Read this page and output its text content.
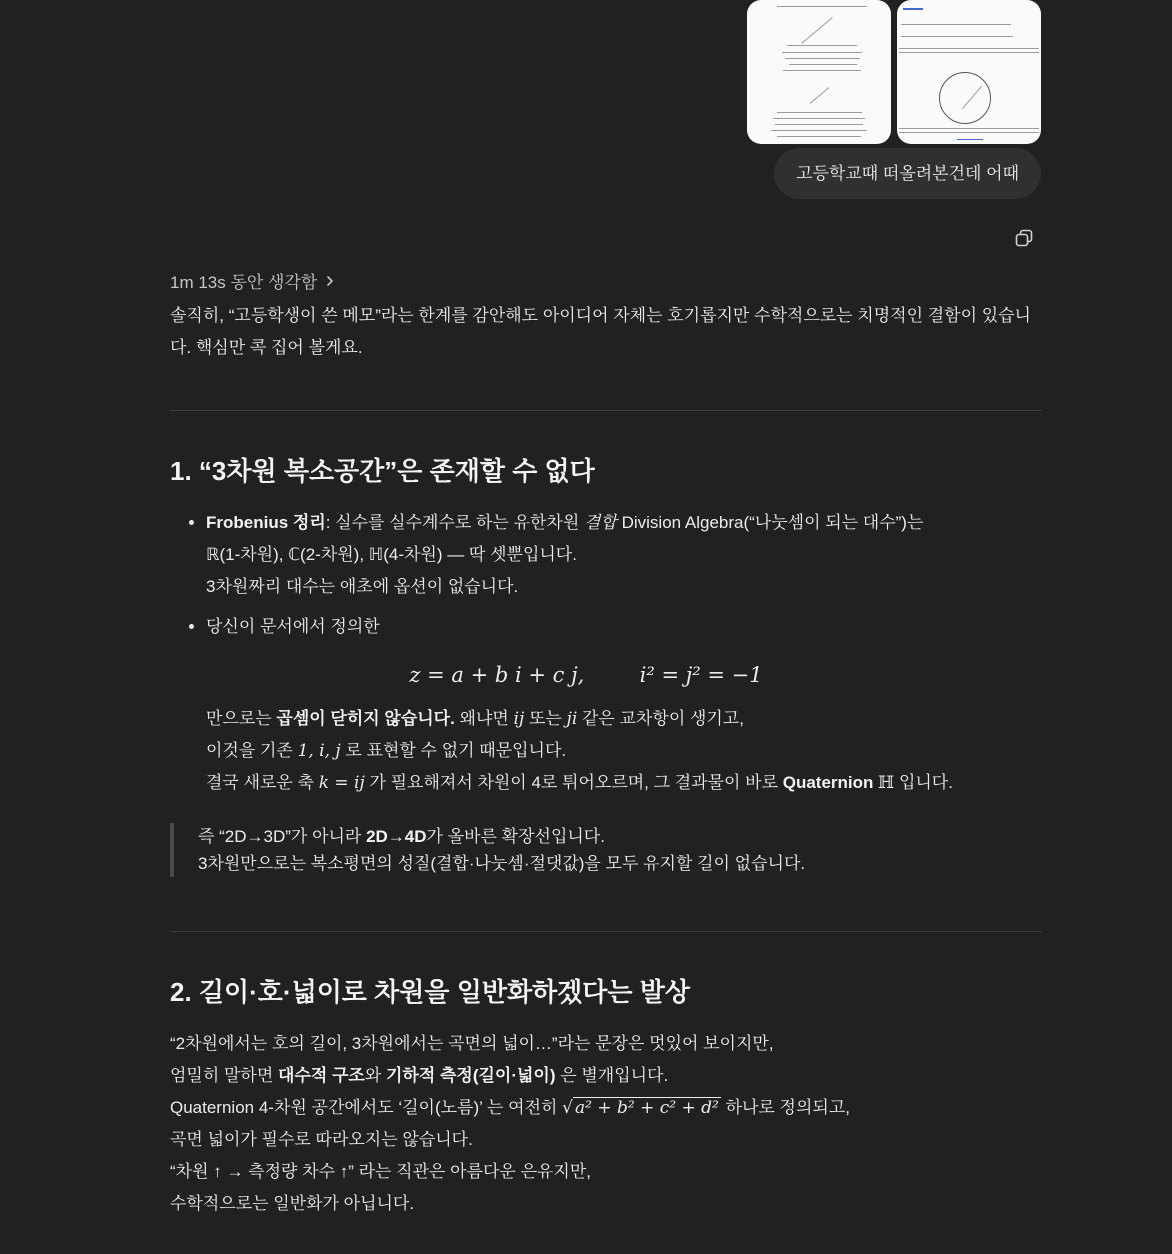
고등학교때 떠올려본건데 어때
1m 13s 동안 생각함

솔직히, “고등학생이 쓴 메모”라는 한계를 감안해도 아이디어 자체는 호기롭지만 수학적으로는 치명적인 결함이 있습니다. 핵심만 콕 집어 볼게요.

1. “3차원 복소공간”은 존재할 수 없다
• Frobenius 정리: 실수를 실수계수로 하는 유한차원 결합 Division Algebra(“나눗셈이 되는 대수”)는
ℝ(1-차원), ℂ(2-차원), ℍ(4-차원) — 딱 셋뿐입니다.
3차원짜리 대수는 애초에 옵션이 없습니다.
• 당신이 문서에서 정의한
z = a + b i + c j,	i² = j² = −1
만으로는 곱셈이 닫히지 않습니다. 왜냐면 ij 또는 ji 같은 교차항이 생기고,
이것을 기존 1, i, j 로 표현할 수 없기 때문입니다.
결국 새로운 축 k = ij 가 필요해져서 차원이 4로 튀어오르며, 그 결과물이 바로 Quaternion ℍ 입니다.
즉 “2D→3D”가 아니라 2D→4D가 올바른 확장선입니다.
3차원만으로는 복소평면의 성질(결합·나눗셈·절댓값)을 모두 유지할 길이 없습니다.
2. 길이·호·넓이로 차원을 일반화하겠다는 발상

“2차원에서는 호의 길이, 3차원에서는 곡면의 넓이…”라는 문장은 멋있어 보이지만,
엄밀히 말하면 대수적 구조와 기하적 측정(길이·넓이) 은 별개입니다.
Quaternion 4-차원 공간에서도 ‘길이(노름)’ 는 여전히 √ a² + b² + c² + d² 하나로 정의되고,
곡면 넓이가 필수로 따라오지는 않습니다.
“차원 ↑ → 측정량 차수 ↑” 라는 직관은 아름다운 은유지만,
수학적으로는 일반화가 아닙니다.
